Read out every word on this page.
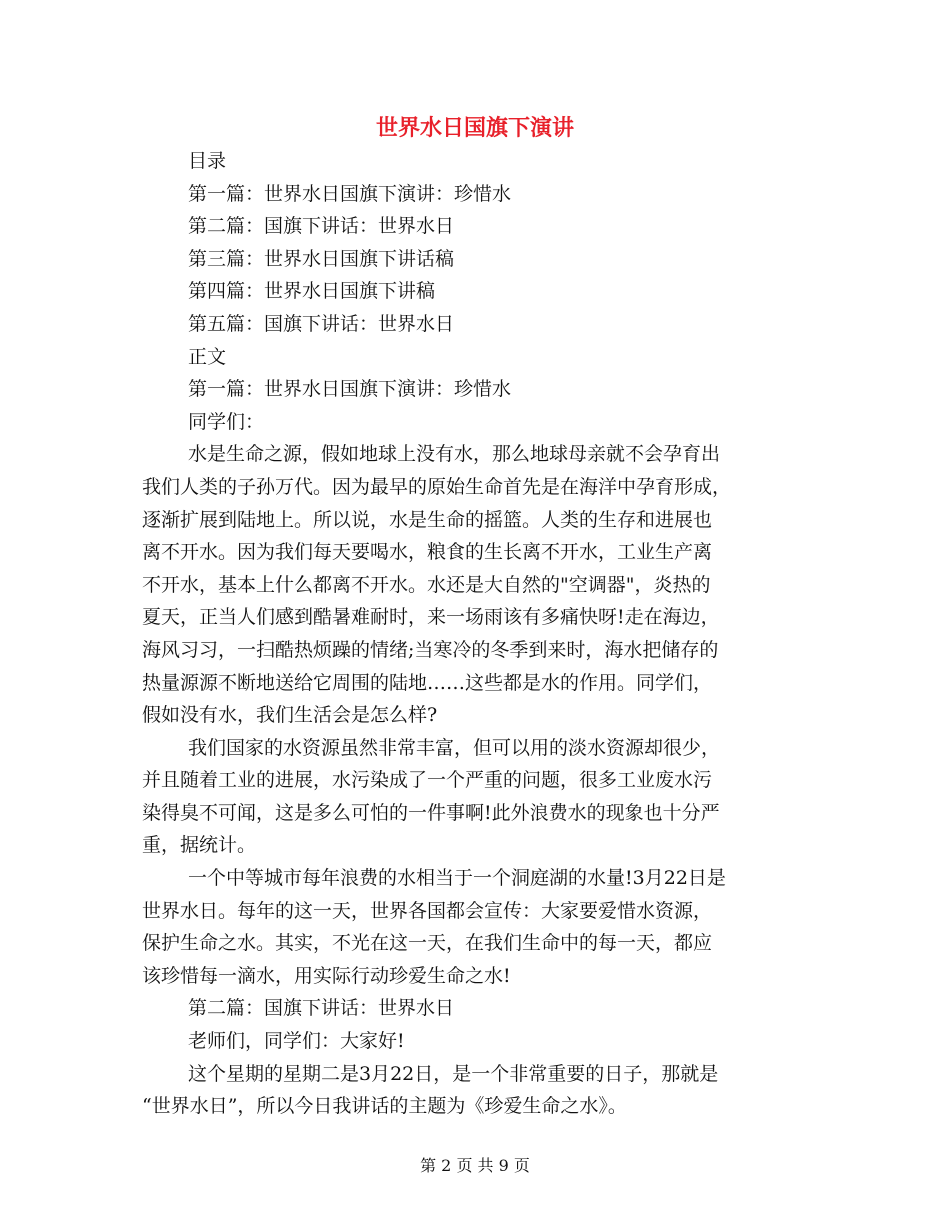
世界水日国旗下演讲
目录
第一篇：世界水日国旗下演讲：珍惜水
第二篇：国旗下讲话：世界水日
第三篇：世界水日国旗下讲话稿
第四篇：世界水日国旗下讲稿
第五篇：国旗下讲话：世界水日
正文
第一篇：世界水日国旗下演讲：珍惜水
同学们：
水是生命之源，假如地球上没有水，那么地球母亲就不会孕育出
我们人类的子孙万代。因为最早的原始生命首先是在海洋中孕育形成，
逐渐扩展到陆地上。所以说，水是生命的摇篮。人类的生存和进展也
离不开水。因为我们每天要喝水，粮食的生长离不开水，工业生产离
不开水，基本上什么都离不开水。水还是大自然的"空调器"，炎热的
夏天，正当人们感到酷暑难耐时，来一场雨该有多痛快呀!走在海边，
海风习习，一扫酷热烦躁的情绪;当寒冷的冬季到来时，海水把储存的
热量源源不断地送给它周围的陆地……这些都是水的作用。同学们，
假如没有水，我们生活会是怎么样?
我们国家的水资源虽然非常丰富，但可以用的淡水资源却很少，
并且随着工业的进展，水污染成了一个严重的问题，很多工业废水污
染得臭不可闻，这是多么可怕的一件事啊!此外浪费水的现象也十分严
重，据统计。
一个中等城市每年浪费的水相当于一个洞庭湖的水量!3月22日是
世界水日。每年的这一天，世界各国都会宣传：大家要爱惜水资源，
保护生命之水。其实，不光在这一天，在我们生命中的每一天，都应
该珍惜每一滴水，用实际行动珍爱生命之水!
第二篇：国旗下讲话：世界水日
老师们，同学们：大家好!
这个星期的星期二是3月22日，是一个非常重要的日子，那就是
“世界水日”，所以今日我讲话的主题为《珍爱生命之水》。
第 2 页 共 9 页
